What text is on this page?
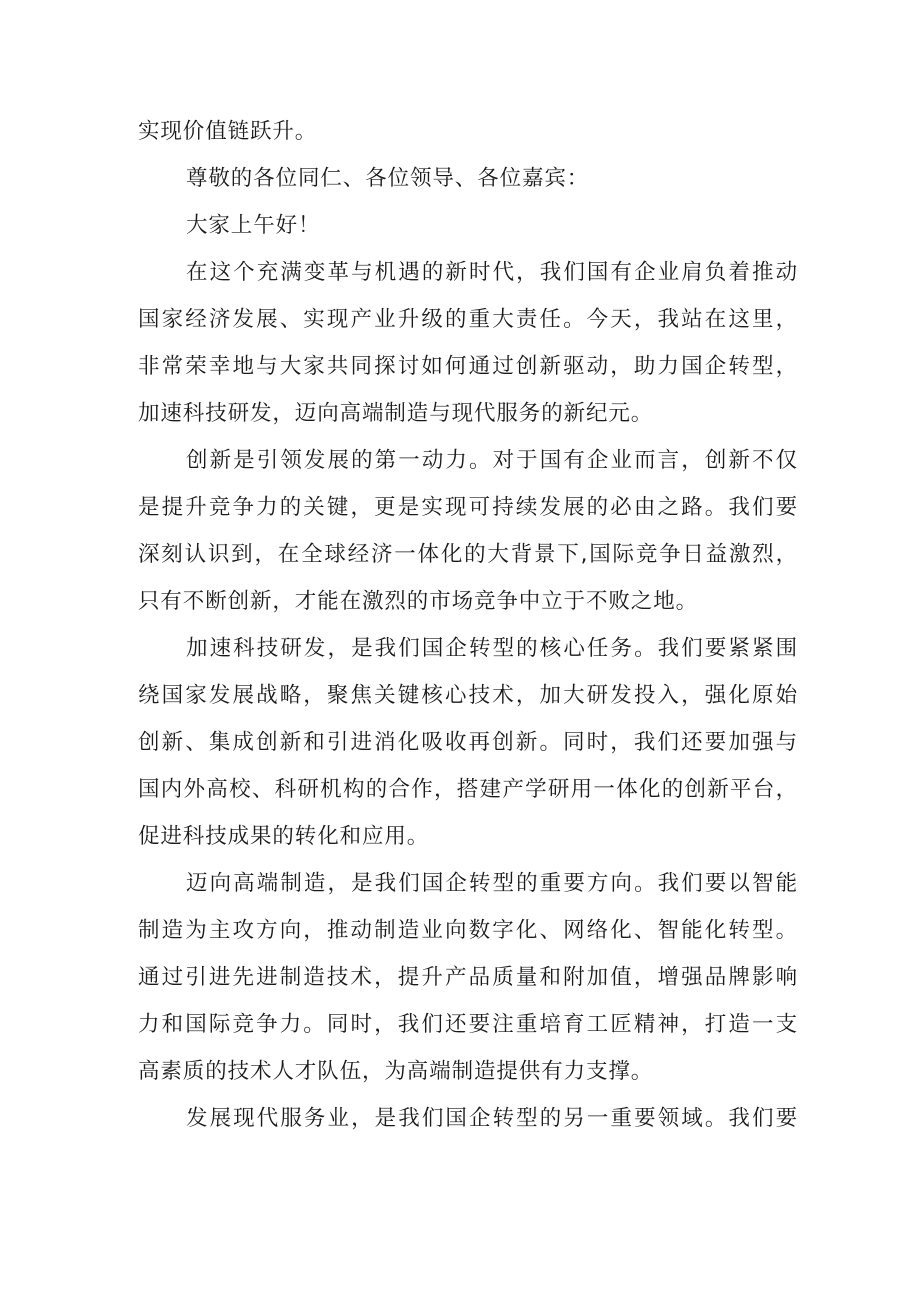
实现价值链跃升。
尊敬的各位同仁、各位领导、各位嘉宾：
大家上午好！
在这个充满变革与机遇的新时代，我们国有企业肩负着推动
国家经济发展、实现产业升级的重大责任。今天，我站在这里，
非常荣幸地与大家共同探讨如何通过创新驱动，助力国企转型，
加速科技研发，迈向高端制造与现代服务的新纪元。
创新是引领发展的第一动力。对于国有企业而言，创新不仅
是提升竞争力的关键，更是实现可持续发展的必由之路。我们要
深刻认识到，在全球经济一体化的大背景下,国际竞争日益激烈，
只有不断创新，才能在激烈的市场竞争中立于不败之地。
加速科技研发，是我们国企转型的核心任务。我们要紧紧围
绕国家发展战略，聚焦关键核心技术，加大研发投入，强化原始
创新、集成创新和引进消化吸收再创新。同时，我们还要加强与
国内外高校、科研机构的合作，搭建产学研用一体化的创新平台，
促进科技成果的转化和应用。
迈向高端制造，是我们国企转型的重要方向。我们要以智能
制造为主攻方向，推动制造业向数字化、网络化、智能化转型。
通过引进先进制造技术，提升产品质量和附加值，增强品牌影响
力和国际竞争力。同时，我们还要注重培育工匠精神，打造一支
高素质的技术人才队伍，为高端制造提供有力支撑。
发展现代服务业，是我们国企转型的另一重要领域。我们要
